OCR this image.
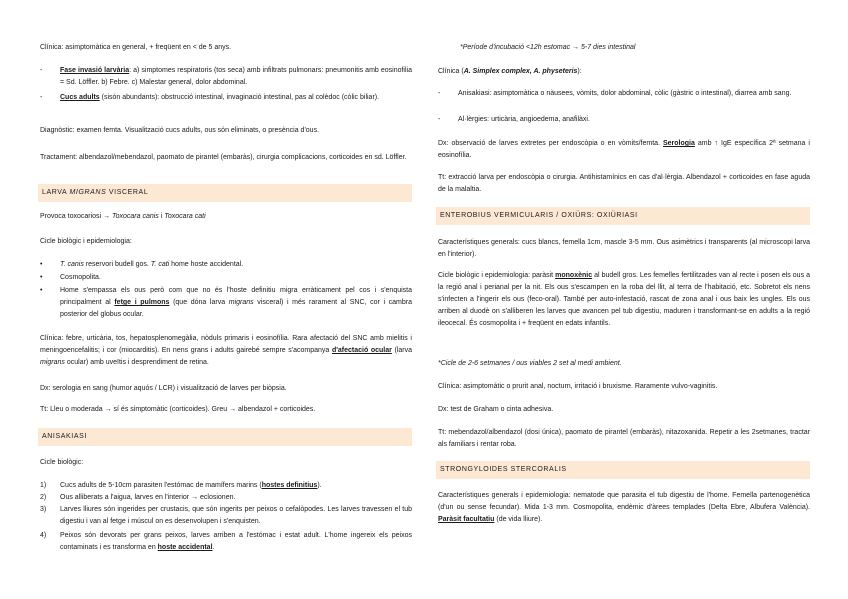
Clínica: asimptomàtica en general, + freqüent en < de 5 anys.
-	Fase invasió larvària: a) simptomes respiratoris (tos seca) amb infiltrats pulmonars: pneumonitis amb eosinofilia = Sd. Löffler. b) Febre. c) Malestar general, dolor abdominal.
-	Cucs adults (sisón abundants): obstrucció intestinal, invaginació intestinal, pas al colèdoc (còlic biliar).
Diagnòstic: examen femta. Visualització cucs adults, ous són eliminats, o presència d'ous.
Tractament: albendazol/mebendazol, paomato de pirantel (embaràs), cirurgia complicacions, corticoides en sd. Löffler.
LARVA MIGRANS VISCERAL
Provoca toxocariosi → Toxocara canis i Toxocara cati
Cicle biològic i epidemiologia:
•	T. canis reservori budell gos. T. cati home hoste accidental.
•	Cosmopolita.
•	Home s'empassa els ous però com que no és l'hoste definitiu migra erràticament pel cos i s'enquista principalment al fetge i pulmons (que dóna larva migrans visceral) i més rarament al SNC, cor i cambra posterior del globus ocular.
Clínica: febre, urticària, tos, hepatosplenomegàlia, nòduls primaris i eosinofília. Rara afectació del SNC amb mielitis i meningoencefalitis; i cor (miocarditis). En nens grans i adults gairebé sempre s'acompanya d'afectació ocular (larva migrans ocular) amb uveïtis i desprendiment de retina.
Dx: serologia en sang (humor aquós / LCR) i visualització de larves per biòpsia.
Tt: Lleu o moderada → sí és simptomàtic (corticoides). Greu → albendazol + corticoides.
ANISAKIASI
Cicle biològic:
1) Cucs adults de 5-10cm parasiten l'estómac de mamífers marins (hostes definitius).
2) Ous alliberats a l'aigua, larves en l'interior → eclosionen.
3) Larves lliures són ingerides per crustacis, que són ingerits per peixos o cefalòpodes. Les larves travessen el tub digestiu i van al fetge i múscul on es desenvolupen i s'enquisten.
4) Peixos són devorats per grans peixos, larves arriben a l'estómac i estat adult. L'home ingereix els peixos contaminats i es transforma en hoste accidental.
*Període d'incubació <12h estomac → 5-7 dies intestinal
Clínica (A. Simplex complex, A. physeteris):
-	Anisakiasi: asimptomàtica o nàusees, vòmits, dolor abdominal, còlic (gàstric o intestinal), diarrea amb sang.
-	Al·lèrgies: urticària, angioedema, anafilàxi.
Dx: observació de larves extretes per endoscòpia o en vòmits/femta. Serologia amb ↑ IgE específica 2ª setmana i eosinofília.
Tt: extracció larva per endoscòpia o cirurgia. Antihistamínics en cas d'al·lèrgia. Albendazol + corticoides en fase aguda de la malaltia.
ENTEROBIUS VERMICULARIS / OXIÜRS: OXIÜRIASI
Característiques generals: cucs blancs, femella 1cm, mascle 3-5 mm. Ous asimètrics i transparents (al microscopi larva en l'interior).
Cicle biològic i epidemiologia: paràsit monoxènic al budell gros. Les femelles fertilitzades van al recte i posen els ous a la regió anal i perianal per la nit. Els ous s'escampen en la roba del llit, al terra de l'habitació, etc. Sobretot els nens s'infecten a l'ingerir els ous (feco-oral). També per auto-infestació, rascat de zona anal i ous baix les ungles. Els ous arriben al duodè on s'alliberen les larves que avancen pel tub digestiu, maduren i transformant-se en adults a la regió ileocecal. És cosmopolita i + freqüent en edats infantils.
*Cicle de 2-6 setmanes / ous viables 2 set al medi ambient.
Clínica: asimptomàtic o prurit anal, nocturn, irritació i bruxisme. Raramente vulvo-vaginitis.
Dx: test de Graham o cinta adhesiva.
Tt: mebendazol/albendazol (dosi única), paomato de pirantel (embaràs), nitazoxanida. Repetir a les 2setmanes, tractar als familiars i rentar roba.
STRONGYLOIDES STERCORALIS
Característiques generals i epidemiologia: nematode que parasita el tub digestiu de l'home. Femella partenogenètica (d'un ou sense fecundar). Mida 1-3 mm. Cosmopolita, endèmic d'àrees templades (Delta Ebre, Albufera València). Paràsit facultatiu (de vida lliure).
